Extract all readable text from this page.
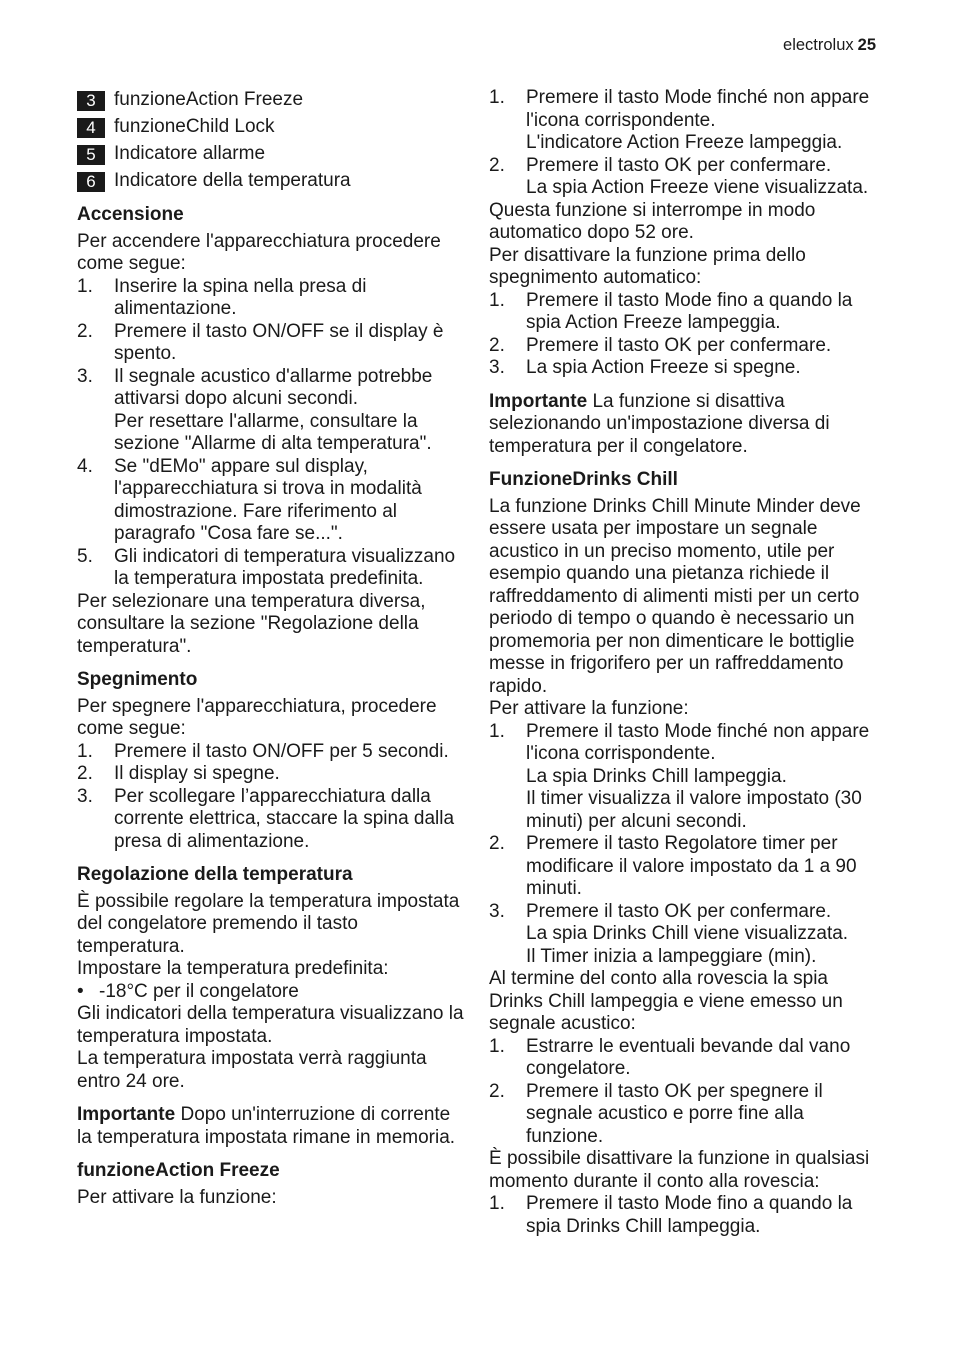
electrolux 25
3 funzioneAction Freeze
4 funzioneChild Lock
5 Indicatore allarme
6 Indicatore della temperatura
Accensione

Per accendere l'apparecchiatura procedere come segue:

1. Inserire la spina nella presa di alimentazione.
2. Premere il tasto ON/OFF se il display è spento.
3. Il segnale acustico d'allarme potrebbe attivarsi dopo alcuni secondi.
Per resettare l'allarme, consultare la sezione "Allarme di alta temperatura".
4. Se "dEMo" appare sul display, l'apparecchiatura si trova in modalità dimostrazione. Fare riferimento al paragrafo "Cosa fare se...".
5. Gli indicatori di temperatura visualizzano la temperatura impostata predefinita.

Per selezionare una temperatura diversa, consultare la sezione "Regolazione della temperatura".

Spegnimento

Per spegnere l'apparecchiatura, procedere come segue:

1. Premere il tasto ON/OFF per 5 secondi.
2. Il display si spegne.
3. Per scollegare l’apparecchiatura dalla corrente elettrica, staccare la spina dalla presa di alimentazione.
Regolazione della temperatura

È possibile regolare la temperatura impostata del congelatore premendo il tasto temperatura.

Impostare la temperatura predefinita:

• -18°C per il congelatore

Gli indicatori della temperatura visualizzano la temperatura impostata.

La temperatura impostata verrà raggiunta entro 24 ore.

Importante Dopo un'interruzione di corrente la temperatura impostata rimane in memoria.

funzioneAction Freeze

Per attivare la funzione:

1. Premere il tasto Mode finché non appare l'icona corrispondente.
L'indicatore Action Freeze lampeggia.
2. Premere il tasto OK per confermare.
La spia Action Freeze viene visualizzata.

Questa funzione si interrompe in modo automatico dopo 52 ore.

Per disattivare la funzione prima dello spegnimento automatico:

1. Premere il tasto Mode fino a quando la spia Action Freeze lampeggia.
2. Premere il tasto OK per confermare.
3. La spia Action Freeze si spegne.

Importante La funzione si disattiva selezionando un'impostazione diversa di temperatura per il congelatore.

FunzioneDrinks Chill

La funzione Drinks Chill Minute Minder deve essere usata per impostare un segnale acustico in un preciso momento, utile per esempio quando una pietanza richiede il raffreddamento di alimenti misti per un certo periodo di tempo o quando è necessario un promemoria per non dimenticare le bottiglie messe in frigorifero per un raffreddamento rapido.

Per attivare la funzione:

1. Premere il tasto Mode finché non appare l'icona corrispondente.
La spia Drinks Chill lampeggia.
Il timer visualizza il valore impostato (30 minuti) per alcuni secondi.
2. Premere il tasto Regolatore timer per modificare il valore impostato da 1 a 90 minuti.
3. Premere il tasto OK per confermare.
La spia Drinks Chill viene visualizzata.
Il Timer inizia a lampeggiare (min).

Al termine del conto alla rovescia la spia Drinks Chill lampeggia e viene emesso un segnale acustico:

1. Estrarre le eventuali bevande dal vano congelatore.
2. Premere il tasto OK per spegnere il segnale acustico e porre fine alla funzione.

È possibile disattivare la funzione in qualsiasi momento durante il conto alla rovescia:

1. Premere il tasto Mode fino a quando la spia Drinks Chill lampeggia.
